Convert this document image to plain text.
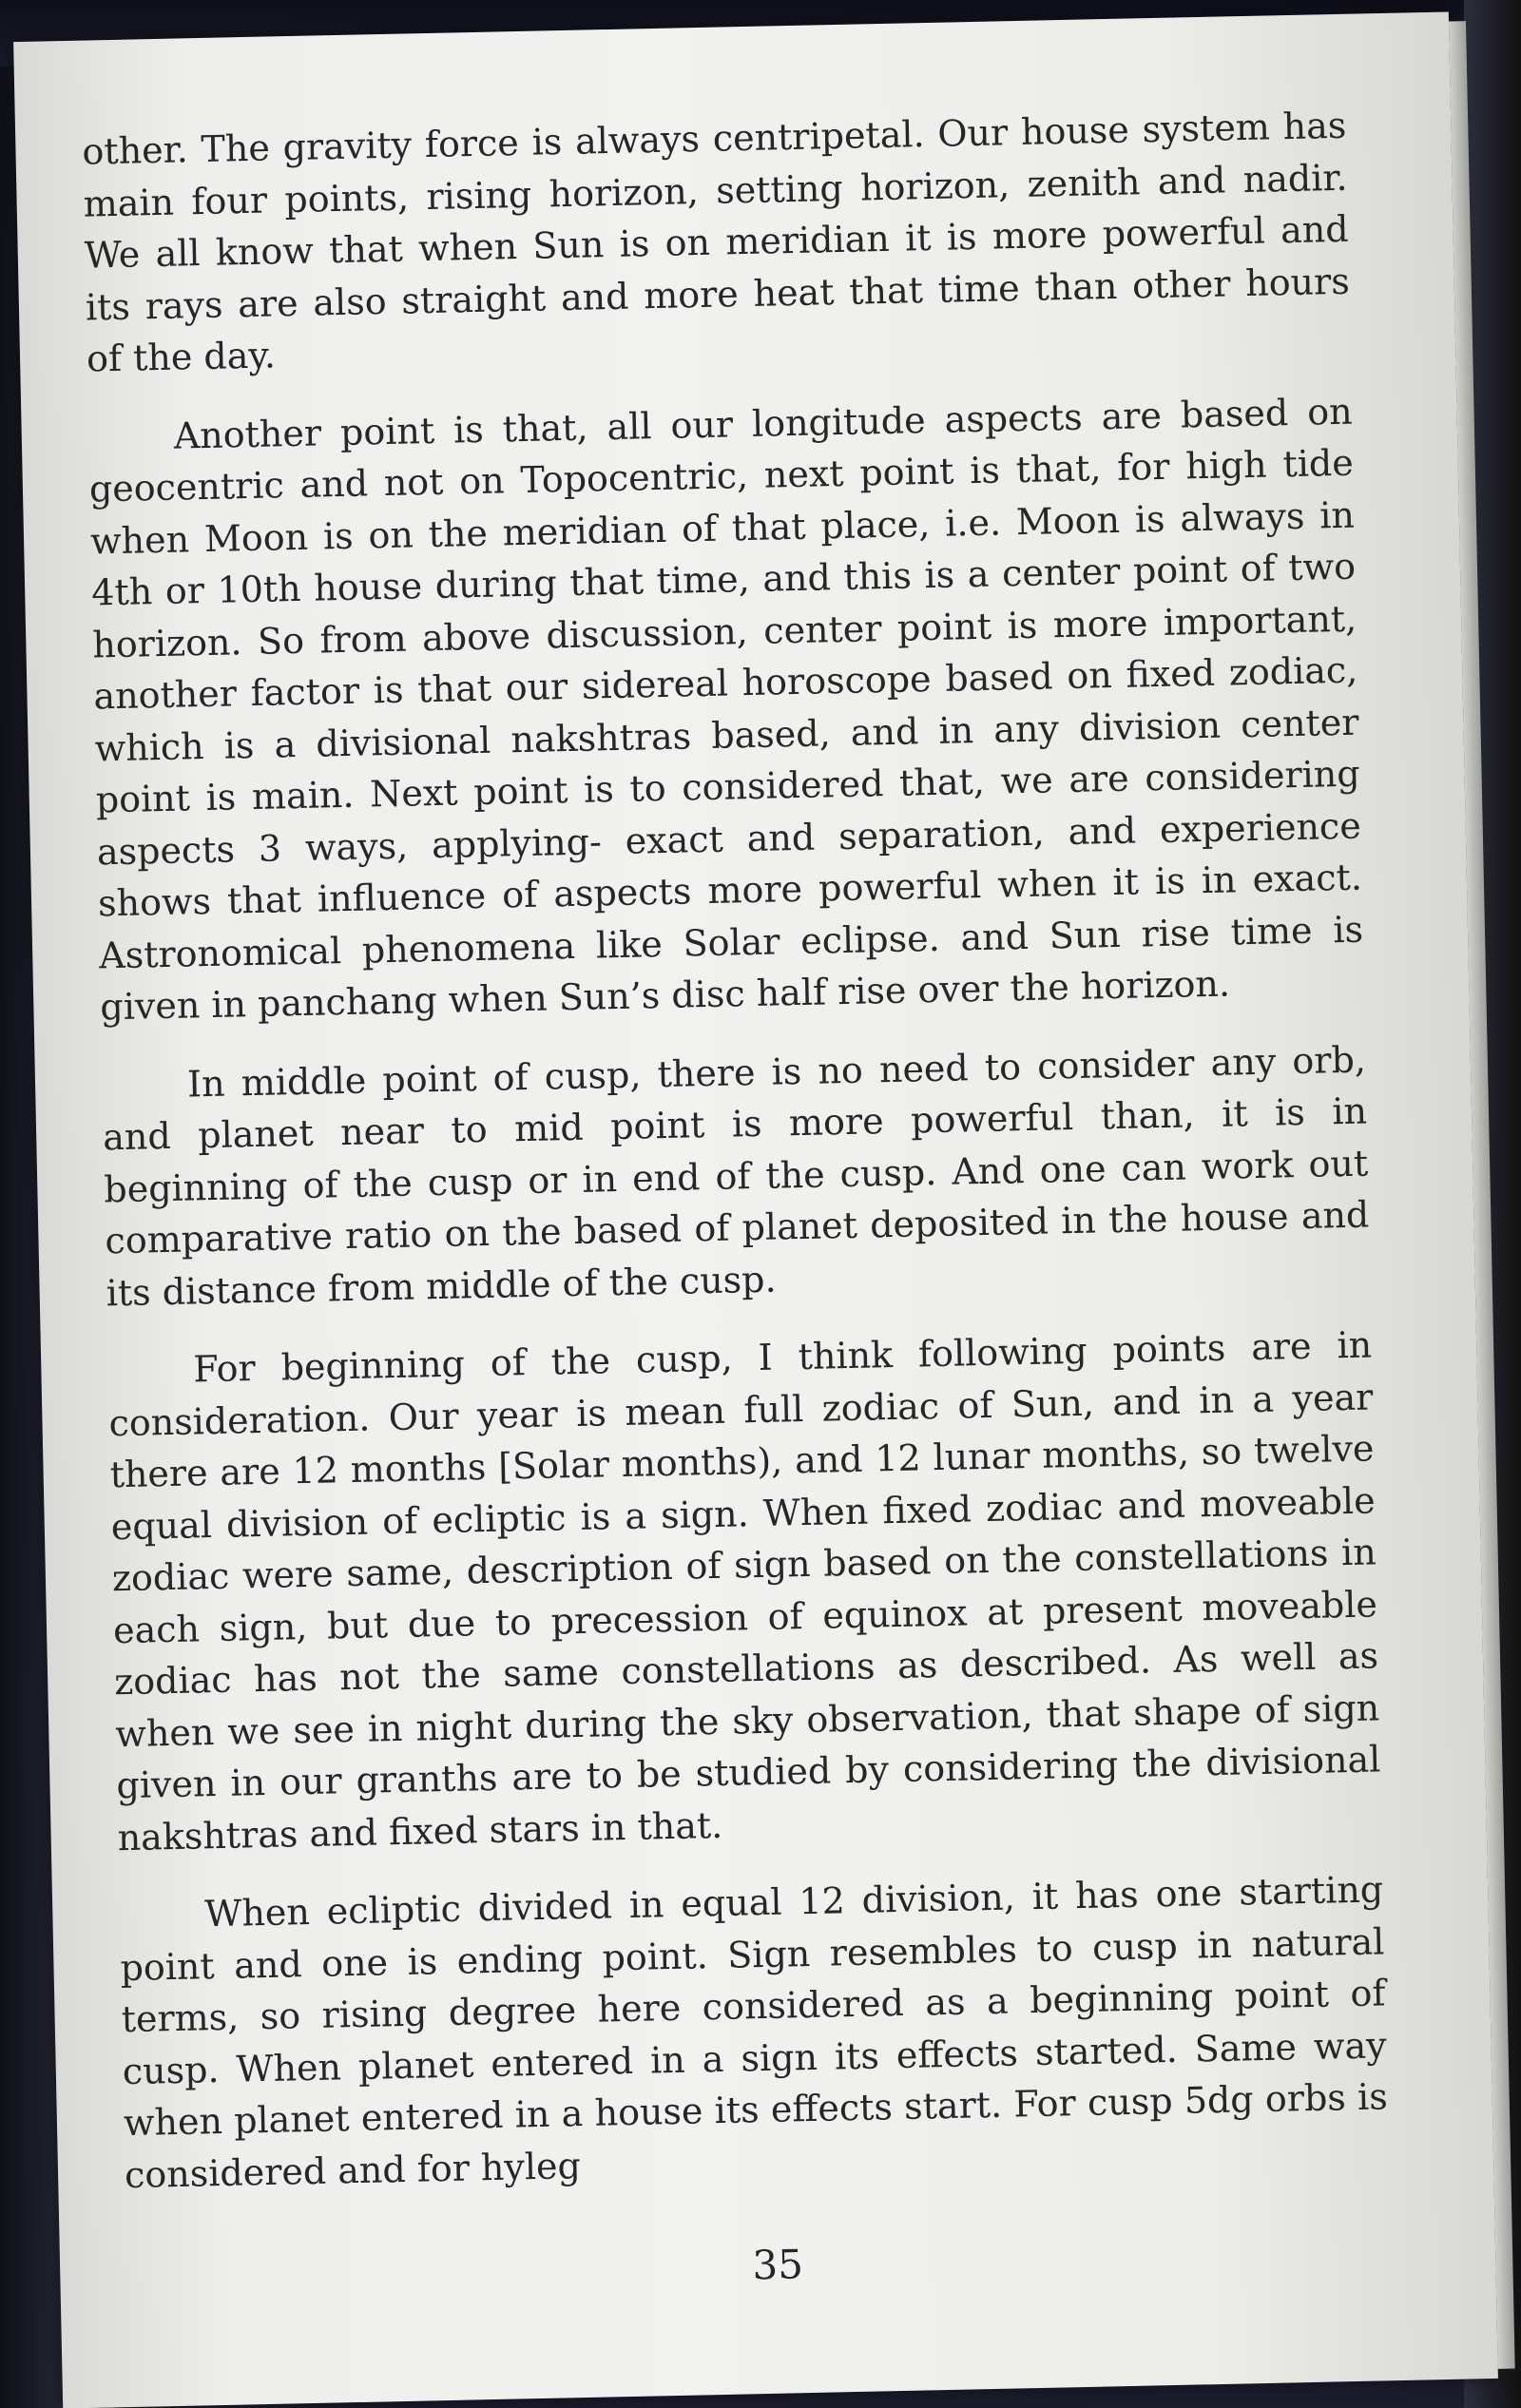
other. The gravity force is always centripetal. Our house system has main four points, rising horizon, setting horizon, zenith and nadir. We all know that when Sun is on meridian it is more powerful and its rays are also straight and more heat that time than other hours of the day.

Another point is that, all our longitude aspects are based on geocentric and not on Topocentric, next point is that, for high tide when Moon is on the meridian of that place, i.e. Moon is always in 4th or 10th house during that time, and this is a center point of two horizon. So from above discussion, center point is more important, another factor is that our sidereal horoscope based on fixed zodiac, which is a divisional nakshtras based, and in any division center point is main. Next point is to considered that, we are considering aspects 3 ways, applying- exact and separation, and experience shows that influence of aspects more powerful when it is in exact. Astronomical phenomena like Solar eclipse. and Sun rise time is given in panchang when Sun’s disc half rise over the horizon.

In middle point of cusp, there is no need to consider any orb, and planet near to mid point is more powerful than, it is in beginning of the cusp or in end of the cusp. And one can work out comparative ratio on the based of planet deposited in the house and its distance from middle of the cusp.

For beginning of the cusp, I think following points are in consideration. Our year is mean full zodiac of Sun, and in a year there are 12 months [Solar months), and 12 lunar months, so twelve equal division of ecliptic is a sign. When fixed zodiac and moveable zodiac were same, description of sign based on the constellations in each sign, but due to precession of equinox at present moveable zodiac has not the same constellations as described. As well as when we see in night during the sky observation, that shape of sign given in our granths are to be studied by considering the divisional nakshtras and fixed stars in that.

When ecliptic divided in equal 12 division, it has one starting point and one is ending point. Sign resembles to cusp in natural terms, so rising degree here considered as a beginning point of cusp. When planet entered in a sign its effects started. Same way when planet entered in a house its effects start. For cusp 5dg orbs is considered and for hyleg

35
